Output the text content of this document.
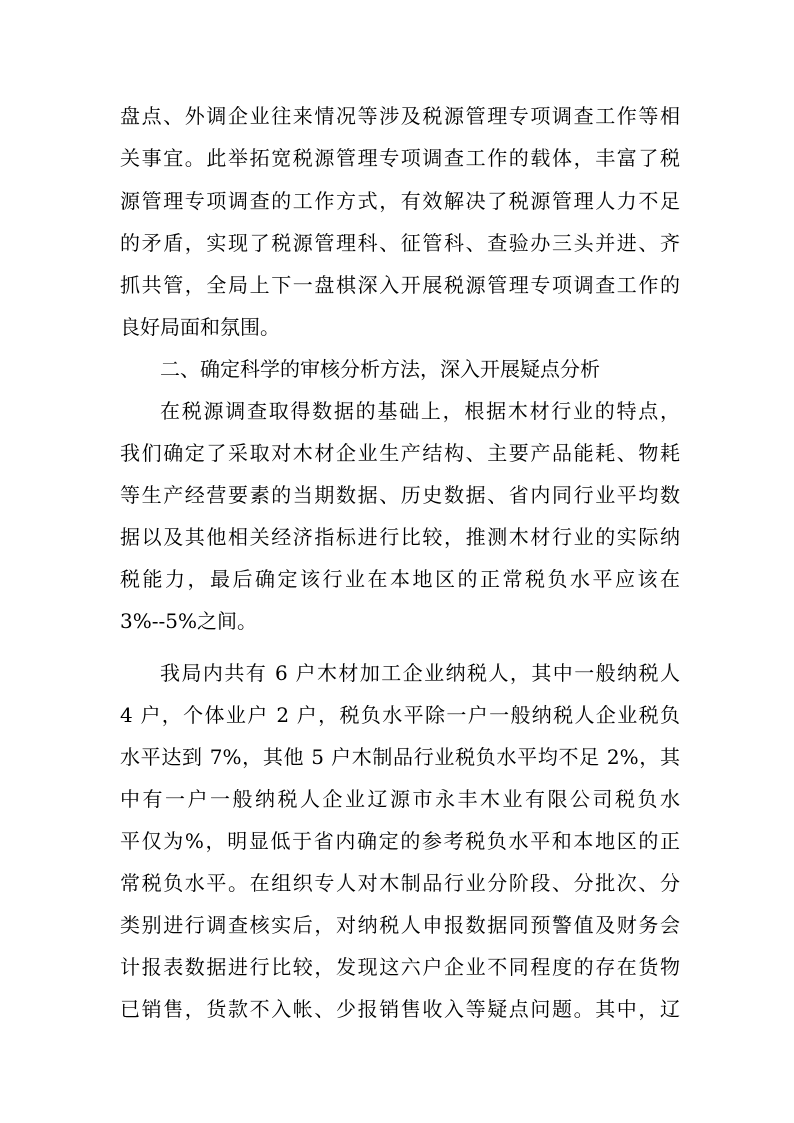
盘点、外调企业往来情况等涉及税源管理专项调查工作等相
关事宜。此举拓宽税源管理专项调查工作的载体，丰富了税
源管理专项调查的工作方式，有效解决了税源管理人力不足
的矛盾，实现了税源管理科、征管科、查验办三头并进、齐
抓共管，全局上下一盘棋深入开展税源管理专项调查工作的
良好局面和氛围。
二、确定科学的审核分析方法，深入开展疑点分析
在税源调查取得数据的基础上，根据木材行业的特点，
我们确定了采取对木材企业生产结构、主要产品能耗、物耗
等生产经营要素的当期数据、历史数据、省内同行业平均数
据以及其他相关经济指标进行比较，推测木材行业的实际纳
税能力，最后确定该行业在本地区的正常税负水平应该在
3%--5%之间。
我局内共有 6 户木材加工企业纳税人，其中一般纳税人
4 户，个体业户 2 户，税负水平除一户一般纳税人企业税负
水平达到 7%，其他 5 户木制品行业税负水平均不足 2%，其
中有一户一般纳税人企业辽源市永丰木业有限公司税负水
平仅为%，明显低于省内确定的参考税负水平和本地区的正
常税负水平。在组织专人对木制品行业分阶段、分批次、分
类别进行调查核实后，对纳税人申报数据同预警值及财务会
计报表数据进行比较，发现这六户企业不同程度的存在货物
已销售，货款不入帐、少报销售收入等疑点问题。其中，辽
